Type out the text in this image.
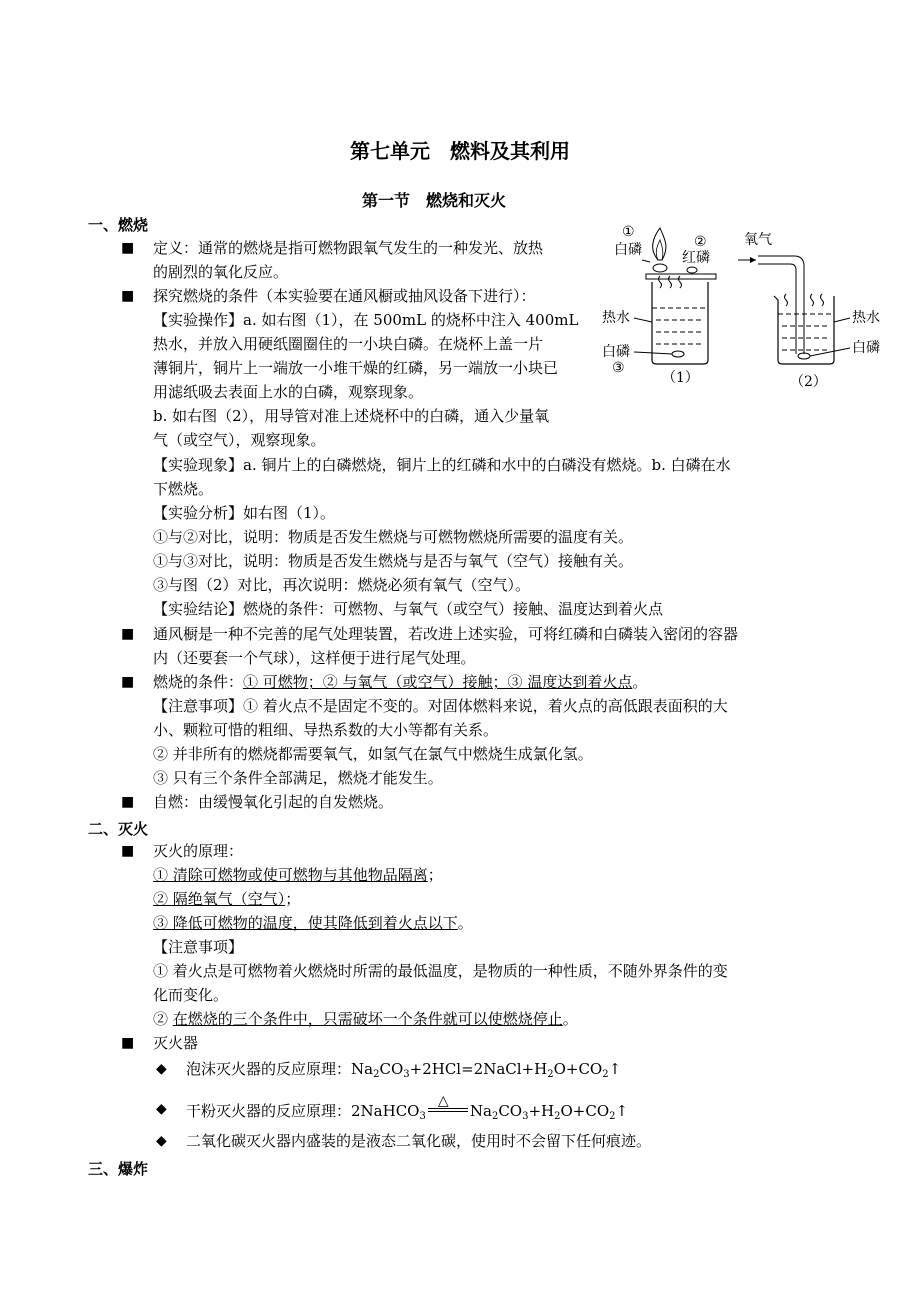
第七单元　燃料及其利用
第一节　燃烧和灭火
一、燃烧
■ 定义：通常的燃烧是指可燃物跟氧气发生的一种发光、放热
的剧烈的氧化反应。
■ 探究燃烧的条件（本实验要在通风橱或抽风设备下进行）：
【实验操作】a. 如右图（1），在 500mL 的烧杯中注入 400mL
热水，并放入用硬纸圈圈住的一小块白磷。在烧杯上盖一片
薄铜片，铜片上一端放一小堆干燥的红磷，另一端放一小块已
用滤纸吸去表面上水的白磷，观察现象。
b. 如右图（2），用导管对准上述烧杯中的白磷，通入少量氧
气（或空气），观察现象。
【实验现象】a. 铜片上的白磷燃烧，铜片上的红磷和水中的白磷没有燃烧。b. 白磷在水
下燃烧。
【实验分析】如右图（1）。
①与②对比，说明：物质是否发生燃烧与可燃物燃烧所需要的温度有关。
①与③对比，说明：物质是否发生燃烧与是否与氧气（空气）接触有关。
③与图（2）对比，再次说明：燃烧必须有氧气（空气）。
【实验结论】燃烧的条件：可燃物、与氧气（或空气）接触、温度达到着火点
■ 通风橱是一种不完善的尾气处理装置，若改进上述实验，可将红磷和白磷装入密闭的容器
内（还要套一个气球），这样便于进行尾气处理。
■ 燃烧的条件：① 可燃物；② 与氧气（或空气）接触；③ 温度达到着火点。
【注意事项】① 着火点不是固定不变的。对固体燃料来说，着火点的高低跟表面积的大
小、颗粒可惜的粗细、导热系数的大小等都有关系。
② 并非所有的燃烧都需要氧气，如氢气在氯气中燃烧生成氯化氢。
③ 只有三个条件全部满足，燃烧才能发生。
■ 自燃：由缓慢氧化引起的自发燃烧。
二、灭火
■ 灭火的原理：
① 清除可燃物或使可燃物与其他物品隔离；
② 隔绝氧气（空气）；
③ 降低可燃物的温度，使其降低到着火点以下。
【注意事项】
① 着火点是可燃物着火燃烧时所需的最低温度，是物质的一种性质，不随外界条件的变
化而变化。
② 在燃烧的三个条件中，只需破坏一个条件就可以使燃烧停止。
■ 灭火器
◆ 泡沫灭火器的反应原理：$Na_2CO_3+2HCl=2NaCl+H_2O+CO_2↑$
◆ 干粉灭火器的反应原理：2NaHCO$_3$
△
$Na_2CO_3+H_2O+CO_2↑$
◆ 二氧化碳灭火器内盛装的是液态二氧化碳，使用时不会留下任何痕迹。
三、爆炸
①
白磷	②
红磷
热水
白磷
③
（1）
氧气
热水
白磷
（2）
